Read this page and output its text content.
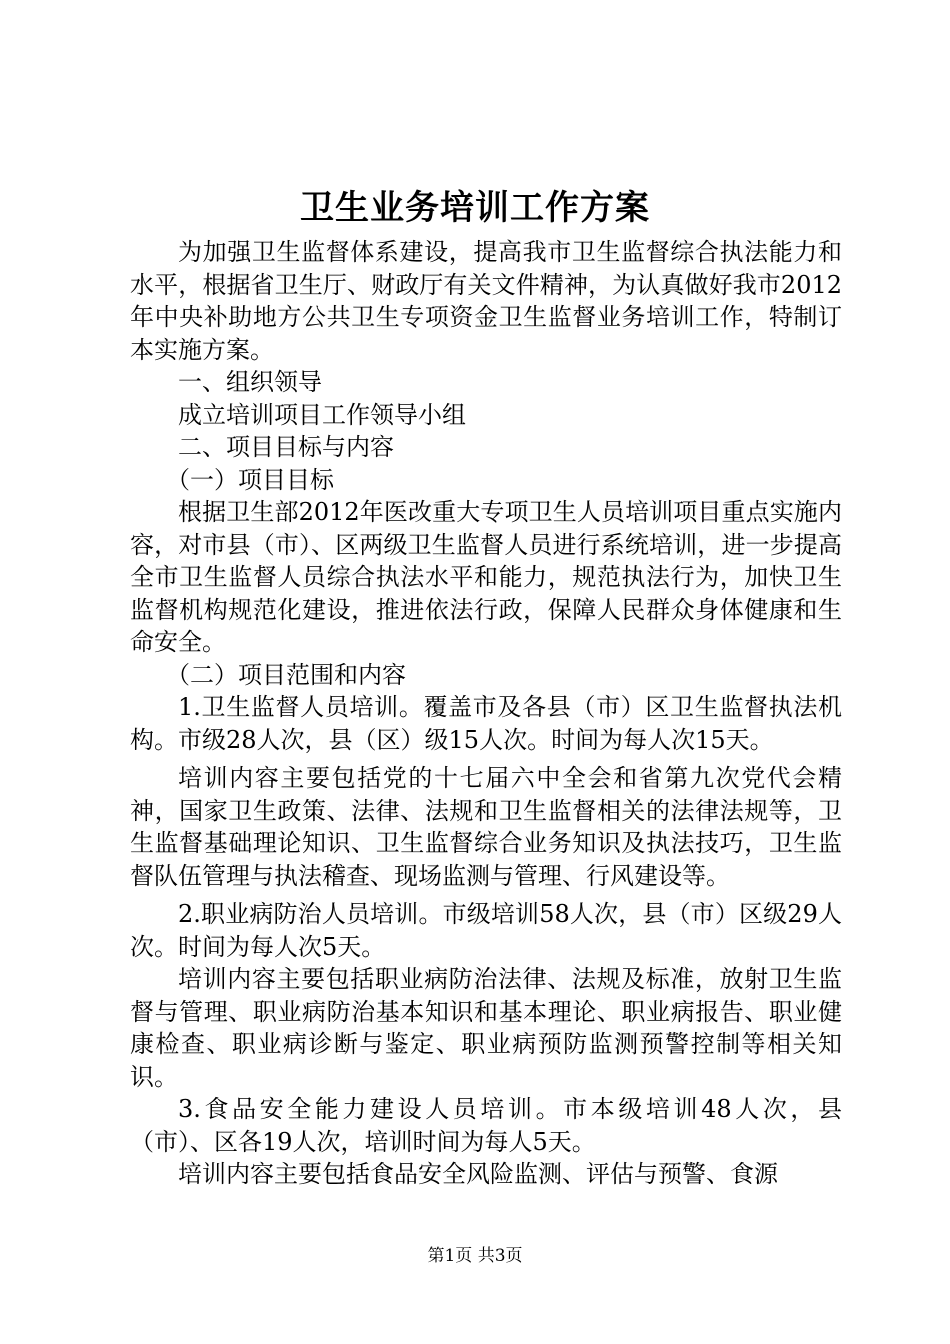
卫生业务培训工作方案

为加强卫生监督体系建设，提高我市卫生监督综合执法能力和水平，根据省卫生厅、财政厅有关文件精神，为认真做好我市2012年中央补助地方公共卫生专项资金卫生监督业务培训工作，特制订本实施方案。

一、组织领导

成立培训项目工作领导小组

二、项目目标与内容

（一）项目目标

根据卫生部2012年医改重大专项卫生人员培训项目重点实施内容，对市县（市）、区两级卫生监督人员进行系统培训，进一步提高全市卫生监督人员综合执法水平和能力，规范执法行为，加快卫生监督机构规范化建设，推进依法行政，保障人民群众身体健康和生命安全。

（二）项目范围和内容

1.卫生监督人员培训。覆盖市及各县（市）区卫生监督执法机构。市级28人次，县（区）级15人次。时间为每人次15天。

培训内容主要包括党的十七届六中全会和省第九次党代会精神，国家卫生政策、法律、法规和卫生监督相关的法律法规等，卫生监督基础理论知识、卫生监督综合业务知识及执法技巧，卫生监督队伍管理与执法稽查、现场监测与管理、行风建设等。

2.职业病防治人员培训。市级培训58人次，县（市）区级29人次。时间为每人次5天。

培训内容主要包括职业病防治法律、法规及标准，放射卫生监督与管理、职业病防治基本知识和基本理论、职业病报告、职业健康检查、职业病诊断与鉴定、职业病预防监测预警控制等相关知识。

3.食品安全能力建设人员培训。市本级培训48人次，县（市）、区各19人次，培训时间为每人5天。

培训内容主要包括食品安全风险监测、评估与预警、食源

第1页 共3页
